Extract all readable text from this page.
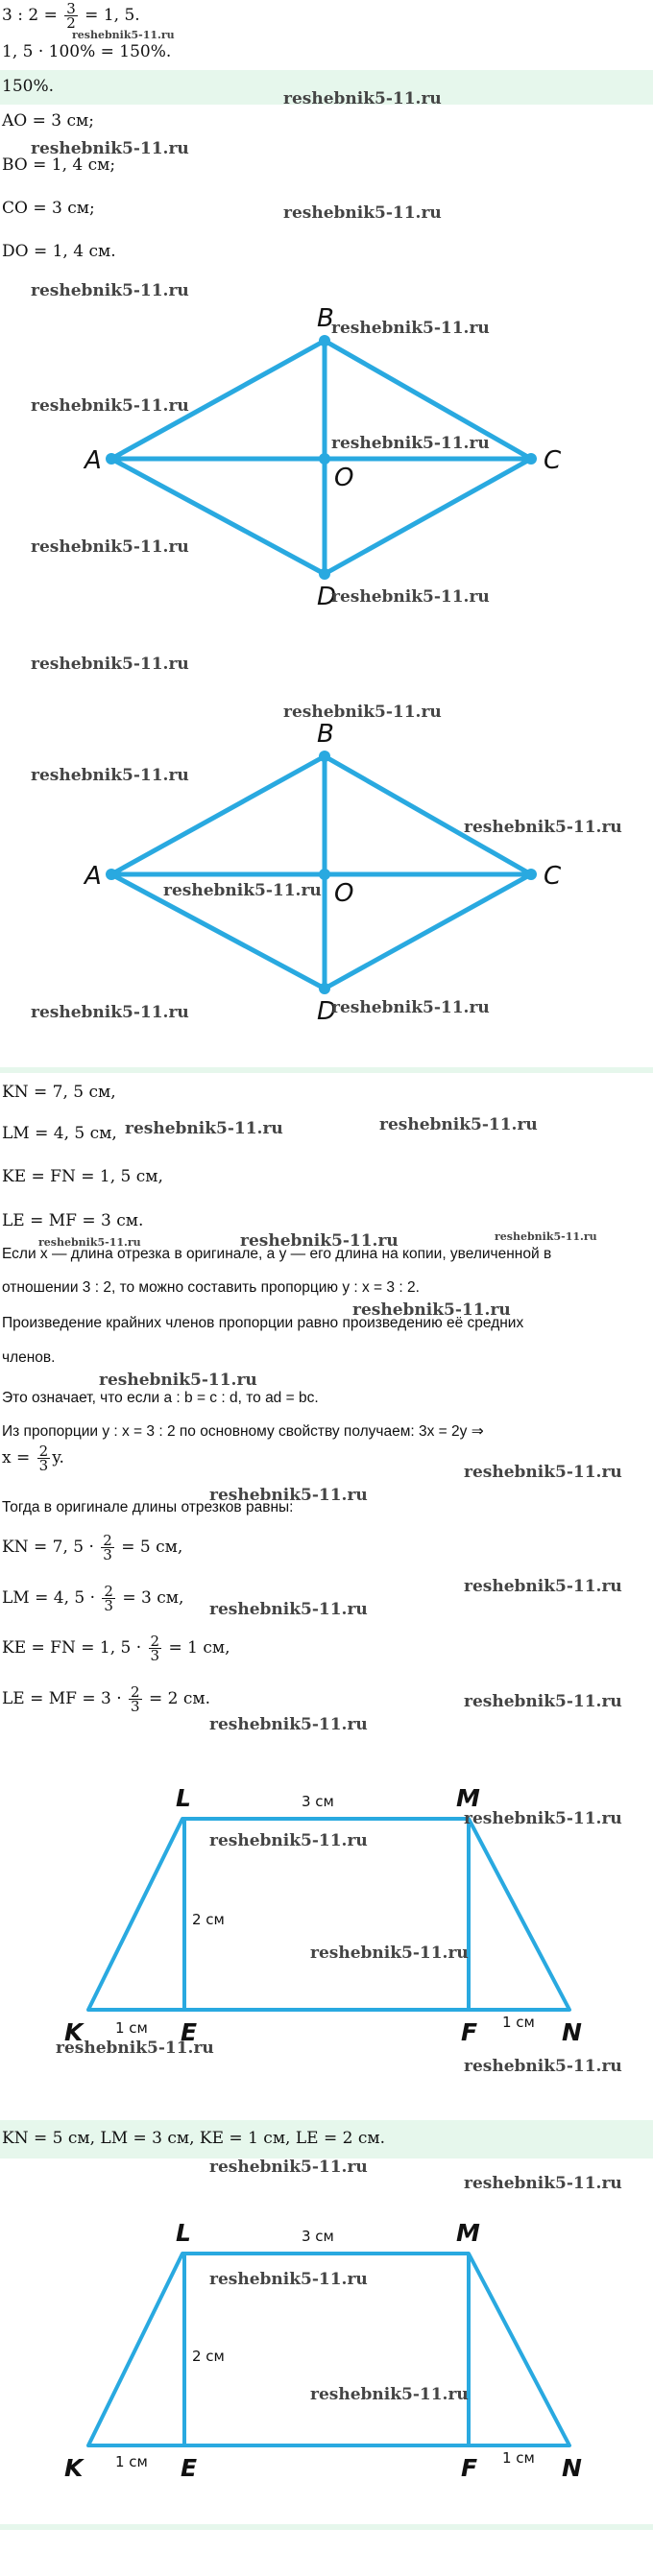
3 : $2 = \frac{3}{2} = 1$, 5.
1, 5 · 100% = 150%.
150%.
AO = 3 см;
BO = 1, 4 см;
CO = 3 см;
DO = 1, 4 см.
B
C
D
A
O
B
C
D
A
O
KN = 7, 5 см,
LM = 4, 5 см,
KE = FN = 1, 5 см,
LE = MF = 3 см.
Если x — длина отрезка в оригинале, а y — его длина на копии, увеличенной в
отношении 3 : 2, то можно составить пропорцию y : x = 3 : 2.
Произведение крайних членов пропорции равно произведению её средних
членов.
Это означает, что если a : b = c : d, то ad = bc.
Из пропорции y : x = 3 : 2 по основному свойству получаем: 3x = 2y ⇒
$x = \frac{2}{3} y$.
Тогда в оригинале длины отрезков равны:
KN = 7, $5 \cdot \frac{2}{3} = 5$ см,
LM = 4, $5 \cdot \frac{2}{3} = 3$ см,
KE = FN = 1, $5 \cdot \frac{2}{3} = 1$ см,
LE = MF = $3 \cdot \frac{2}{3} = 2$ см.
L	M
K	E	F	N
3 см
2 см
1 см	1 см
KN = 5 см, LM = 3 см, KE = 1 см, LE = 2 см.
L	M
K	E	F	N
3 см
2 см
1 см	1 см
reshebnik5-11.ru
reshebnik5-11.ru
reshebnik5-11.ru
reshebnik5-11.ru
reshebnik5-11.ru
reshebnik5-11.ru
reshebnik5-11.ru
reshebnik5-11.ru
reshebnik5-11.ru
reshebnik5-11.ru
reshebnik5-11.ru
reshebnik5-11.ru
reshebnik5-11.ru
reshebnik5-11.ru
reshebnik5-11.ru
reshebnik5-11.ru	reshebnik5-11.ru
reshebnik5-11.ru	reshebnik5-11.ru
reshebnik5-11.ru	reshebnik5-11.ru	reshebnik5-11.ru
reshebnik5-11.ru
reshebnik5-11.ru
reshebnik5-11.ru
reshebnik5-11.ru
reshebnik5-11.ru
reshebnik5-11.ru
reshebnik5-11.ru
reshebnik5-11.ru
reshebnik5-11.ru
reshebnik5-11.ru
reshebnik5-11.ru
reshebnik5-11.ru
reshebnik5-11.ru
reshebnik5-11.ru
reshebnik5-11.ru
reshebnik5-11.ru
reshebnik5-11.ru
